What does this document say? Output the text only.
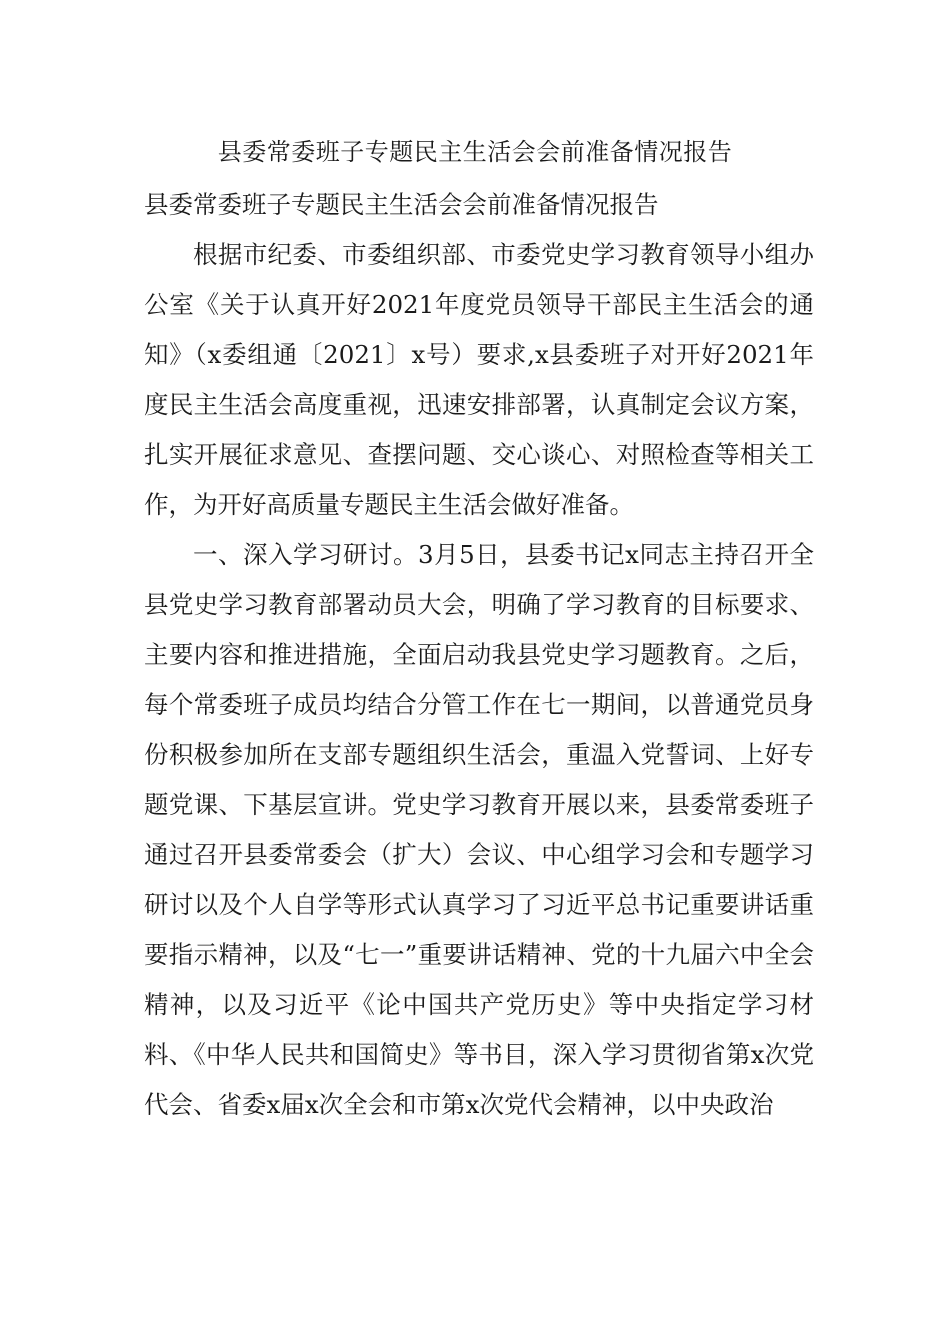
县委常委班子专题民主生活会会前准备情况报告

县委常委班子专题民主生活会会前准备情况报告

根据市纪委、市委组织部、市委党史学习教育领导小组办公室《关于认真开好2021年度党员领导干部民主生活会的通知》（x委组通〔2021〕x号）要求,x县委班子对开好2021年度民主生活会高度重视，迅速安排部署，认真制定会议方案，扎实开展征求意见、查摆问题、交心谈心、对照检查等相关工作，为开好高质量专题民主生活会做好准备。

一、深入学习研讨。3月5日，县委书记x同志主持召开全县党史学习教育部署动员大会，明确了学习教育的目标要求、主要内容和推进措施，全面启动我县党史学习题教育。之后，每个常委班子成员均结合分管工作在七一期间，以普通党员身份积极参加所在支部专题组织生活会，重温入党誓词、上好专题党课、下基层宣讲。党史学习教育开展以来，县委常委班子通过召开县委常委会（扩大）会议、中心组学习会和专题学习研讨以及个人自学等形式认真学习了习近平总书记重要讲话重要指示精神，以及“七一”重要讲话精神、党的十九届六中全会精神，以及习近平《论中国共产党历史》等中央指定学习材料、《中华人民共和国简史》等书目，深入学习贯彻省第x次党代会、省委x届x次全会和市第x次党代会精神，以中央政治
